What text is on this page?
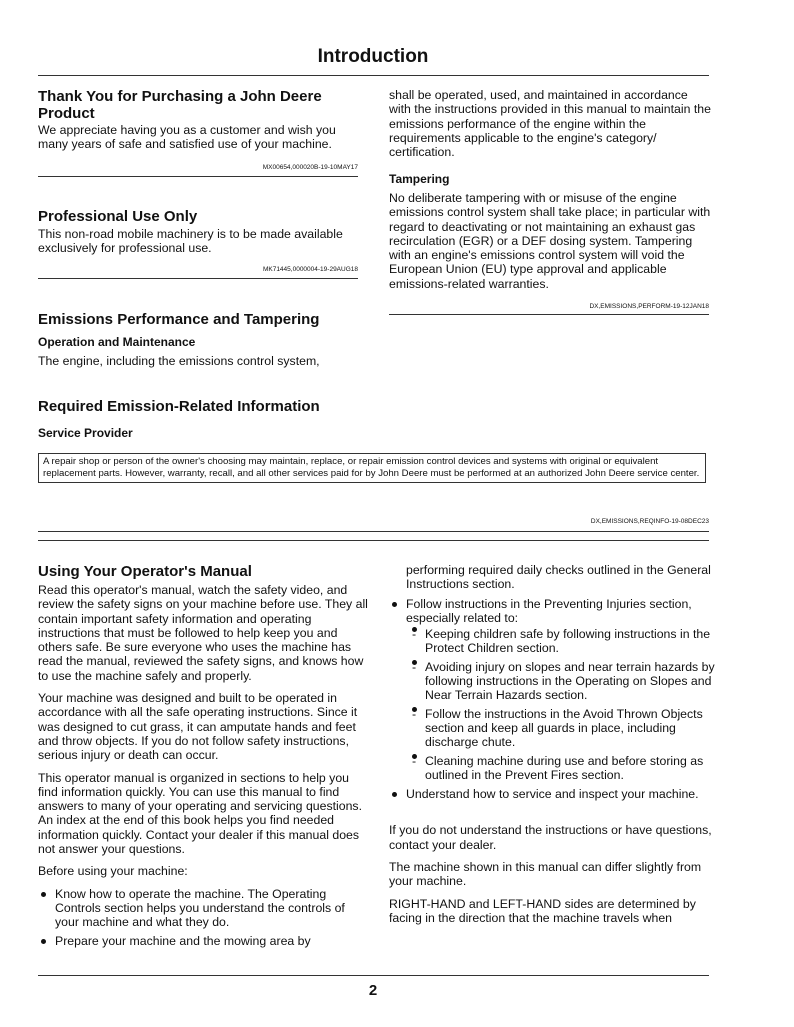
Introduction
Thank You for Purchasing a John Deere Product
We appreciate having you as a customer and wish you many years of safe and satisfied use of your machine.
MX00654,000020B-19-10MAY17
Professional Use Only
This non-road mobile machinery is to be made available exclusively for professional use.
MK71445,0000004-19-29AUG18
Emissions Performance and Tampering
Operation and Maintenance
The engine, including the emissions control system,
shall be operated, used, and maintained in accordance with the instructions provided in this manual to maintain the emissions performance of the engine within the requirements applicable to the engine's category/ certification.
Tampering
No deliberate tampering with or misuse of the engine emissions control system shall take place; in particular with regard to deactivating or not maintaining an exhaust gas recirculation (EGR) or a DEF dosing system. Tampering with an engine's emissions control system will void the European Union (EU) type approval and applicable emissions-related warranties.
DX,EMISSIONS,PERFORM-19-12JAN18
Required Emission-Related Information
Service Provider
A repair shop or person of the owner's choosing may maintain, replace, or repair emission control devices and systems with original or equivalent replacement parts. However, warranty, recall, and all other services paid for by John Deere must be performed at an authorized John Deere service center.
DX,EMISSIONS,REQINFO-19-08DEC23
Using Your Operator's Manual

Read this operator's manual, watch the safety video, and review the safety signs on your machine before use. They all contain important safety information and operating instructions that must be followed to help keep you and others safe. Be sure everyone who uses the machine has read the manual, reviewed the safety signs, and knows how to use the machine safely and properly.

Your machine was designed and built to be operated in accordance with all the safe operating instructions. Since it was designed to cut grass, it can amputate hands and feet and throw objects. If you do not follow safety instructions, serious injury or death can occur.

This operator manual is organized in sections to help you find information quickly. You can use this manual to find answers to many of your operating and servicing questions. An index at the end of this book helps you find needed information quickly. Contact your dealer if this manual does not answer your questions.

Before using your machine:

Know how to operate the machine. The Operating Controls section helps you understand the controls of your machine and what they do.
Prepare your machine and the mowing area by

performing required daily checks outlined in the General Instructions section.

Follow instructions in the Preventing Injuries section, especially related to:
- Keeping children safe by following instructions in the Protect Children section.
- Avoiding injury on slopes and near terrain hazards by following instructions in the Operating on Slopes and Near Terrain Hazards section.
- Follow the instructions in the Avoid Thrown Objects section and keep all guards in place, including discharge chute.
- Cleaning machine during use and before storing as outlined in the Prevent Fires section.
Understand how to service and inspect your machine.

If you do not understand the instructions or have questions, contact your dealer.

The machine shown in this manual can differ slightly from your machine.

RIGHT-HAND and LEFT-HAND sides are determined by facing in the direction that the machine travels when

2
